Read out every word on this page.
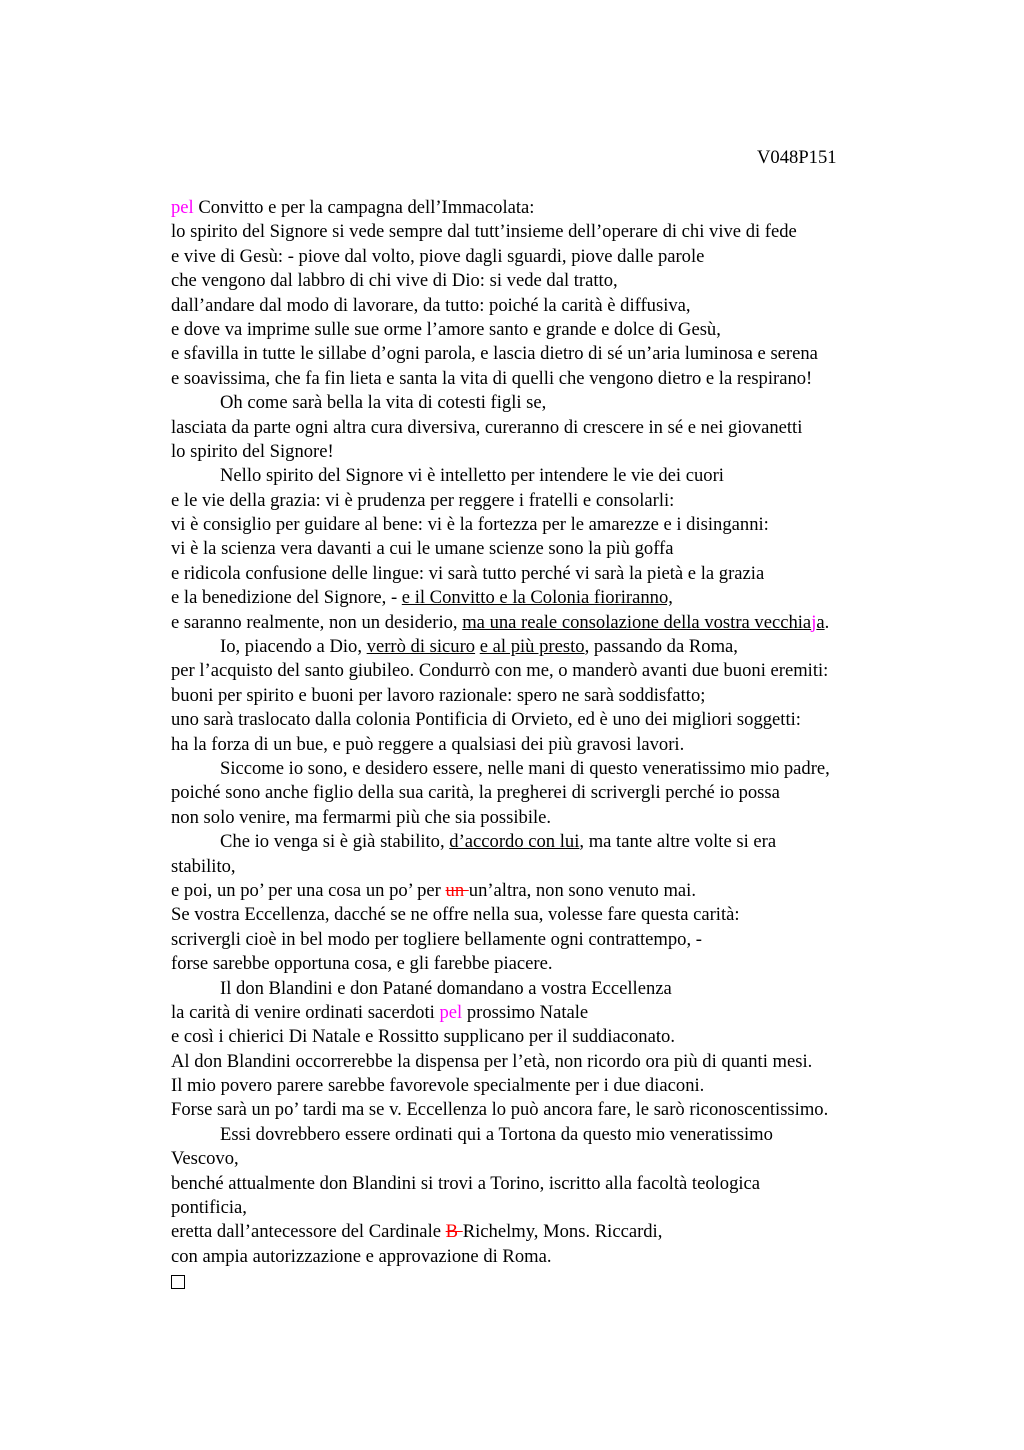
V048P151
pel Convitto e per la campagna dell’Immacolata:
lo spirito del Signore si vede sempre dal tutt’insieme dell’operare di chi vive di fede
e vive di Gesù: - piove dal volto, piove dagli sguardi, piove dalle parole
che vengono dal labbro di chi vive di Dio: si vede dal tratto,
dall’andare dal modo di lavorare, da tutto: poiché la carità è diffusiva,
e dove va imprime sulle sue orme l’amore santo e grande e dolce di Gesù,
e sfavilla in tutte le sillabe d’ogni parola, e lascia dietro di sé un’aria luminosa e serena
e soavissima, che fa fin lieta e santa la vita di quelli che vengono dietro e la respirano!
Oh come sarà bella la vita di cotesti figli se,
lasciata da parte ogni altra cura diversiva, cureranno di crescere in sé e nei giovanetti
lo spirito del Signore!
Nello spirito del Signore vi è intelletto per intendere le vie dei cuori
e le vie della grazia: vi è prudenza per reggere i fratelli e consolarli:
vi è consiglio per guidare al bene: vi è la fortezza per le amarezze e i disinganni:
vi è la scienza vera davanti a cui le umane scienze sono la più goffa
e ridicola confusione delle lingue: vi sarà tutto perché vi sarà la pietà e la grazia
e la benedizione del Signore, - e il Convitto e la Colonia fioriranno,
e saranno realmente, non un desiderio, ma una reale consolazione della vostra vecchiaja.
Io, piacendo a Dio, verrò di sicuro e al più presto, passando da Roma,
per l’acquisto del santo giubileo. Condurrò con me, o manderò avanti due buoni eremiti:
buoni per spirito e buoni per lavoro razionale: spero ne sarà soddisfatto;
uno sarà traslocato dalla colonia Pontificia di Orvieto, ed è uno dei migliori soggetti:
ha la forza di un bue, e può reggere a qualsiasi dei più gravosi lavori.
Siccome io sono, e desidero essere, nelle mani di questo veneratissimo mio padre,
poiché sono anche figlio della sua carità, la pregherei di scrivergli perché io possa
non solo venire, ma fermarmi più che sia possibile.
Che io venga si è già stabilito, d’accordo con lui, ma tante altre volte si era
stabilito,
e poi, un po’ per una cosa un po’ per un un’altra, non sono venuto mai.
Se vostra Eccellenza, dacché se ne offre nella sua, volesse fare questa carità:
scrivergli cioè in bel modo per togliere bellamente ogni contrattempo, -
forse sarebbe opportuna cosa, e gli farebbe piacere.
Il don Blandini e don Patané domandano a vostra Eccellenza
la carità di venire ordinati sacerdoti pel prossimo Natale
e così i chierici Di Natale e Rossitto supplicano per il suddiaconato.
Al don Blandini occorrerebbe la dispensa per l’età, non ricordo ora più di quanti mesi.
Il mio povero parere sarebbe favorevole specialmente per i due diaconi.
Forse sarà un po’ tardi ma se v. Eccellenza lo può ancora fare, le sarò riconoscentissimo.
Essi dovrebbero essere ordinati qui a Tortona da questo mio veneratissimo
Vescovo,
benché attualmente don Blandini si trovi a Torino, iscritto alla facoltà teologica
pontificia,
eretta dall’antecessore del Cardinale B Richelmy, Mons. Riccardi,
con ampia autorizzazione e approvazione di Roma.
